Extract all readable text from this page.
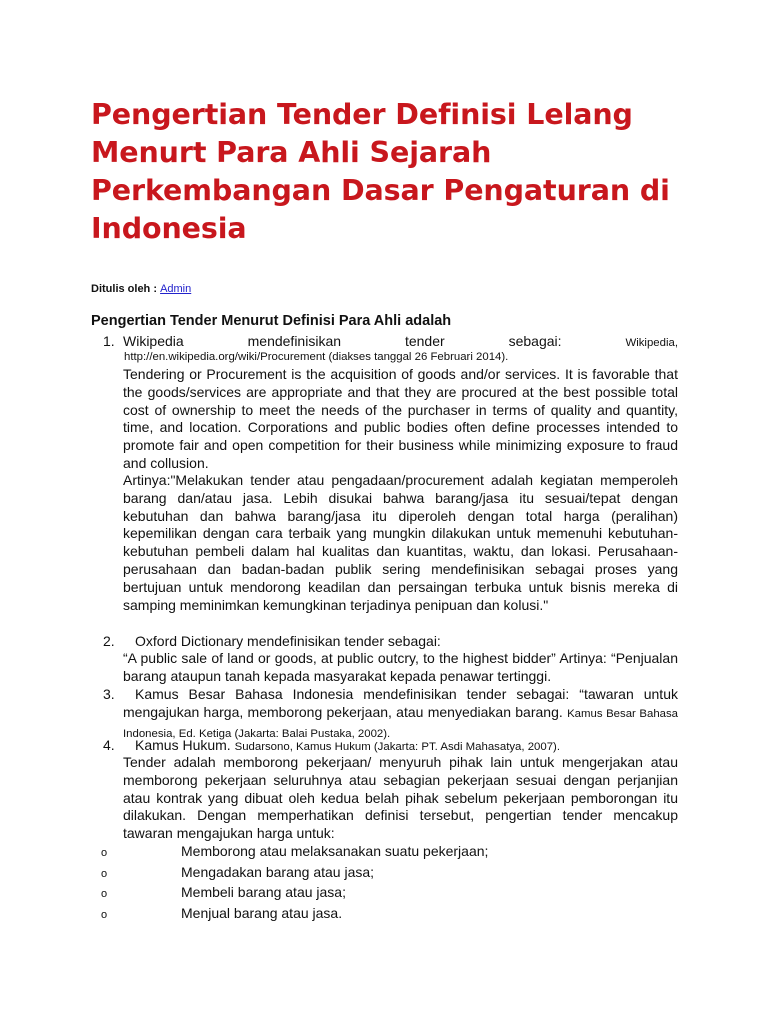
Pengertian Tender Definisi Lelang Menurt Para Ahli Sejarah Perkembangan Dasar Pengaturan di Indonesia
Ditulis oleh : Admin
Pengertian Tender Menurut Definisi Para Ahli adalah
1. Wikipedia mendefinisikan tender sebagai:	Wikipedia,
http://en.wikipedia.org/wiki/Procurement (diakses tanggal 26 Februari 2014).

Tendering or Procurement is the acquisition of goods and/or services. It is favorable that the goods/services are appropriate and that they are procured at the best possible total cost of ownership to meet the needs of the purchaser in terms of quality and quantity, time, and location. Corporations and public bodies often define processes intended to promote fair and open competition for their business while minimizing exposure to fraud and collusion.

Artinya:"Melakukan tender atau pengadaan/procurement adalah kegiatan memperoleh barang dan/atau jasa. Lebih disukai bahwa barang/jasa itu sesuai/tepat dengan kebutuhan dan bahwa barang/jasa itu diperoleh dengan total harga (peralihan) kepemilikan dengan cara terbaik yang mungkin dilakukan untuk memenuhi kebutuhan-kebutuhan pembeli dalam hal kualitas dan kuantitas, waktu, dan lokasi. Perusahaan-perusahaan dan badan-badan publik sering mendefinisikan sebagai proses yang bertujuan untuk mendorong keadilan dan persaingan terbuka untuk bisnis mereka di samping meminimkan kemungkinan terjadinya penipuan dan kolusi."

2. Oxford Dictionary mendefinisikan tender sebagai:

“A public sale of land or goods, at public outcry, to the highest bidder” Artinya: “Penjualan barang ataupun tanah kepada masyarakat kepada penawar tertinggi.

3.	Kamus Besar Bahasa Indonesia mendefinisikan tender sebagai: “tawaran untuk mengajukan harga, memborong pekerjaan, atau menyediakan barang. Kamus Besar Bahasa Indonesia, Ed. Ketiga (Jakarta: Balai Pustaka, 2002).

4. Kamus Hukum. Sudarsono, Kamus Hukum (Jakarta: PT. Asdi Mahasatya, 2007).

Tender adalah memborong pekerjaan/ menyuruh pihak lain untuk mengerjakan atau memborong pekerjaan seluruhnya atau sebagian pekerjaan sesuai dengan perjanjian atau kontrak yang dibuat oleh kedua belah pihak sebelum pekerjaan pemborongan itu dilakukan. Dengan memperhatikan definisi tersebut, pengertian tender mencakup tawaran mengajukan harga untuk:

o	Memborong atau melaksanakan suatu pekerjaan;
o	Mengadakan barang atau jasa;
o	Membeli barang atau jasa;
o	Menjual barang atau jasa.
